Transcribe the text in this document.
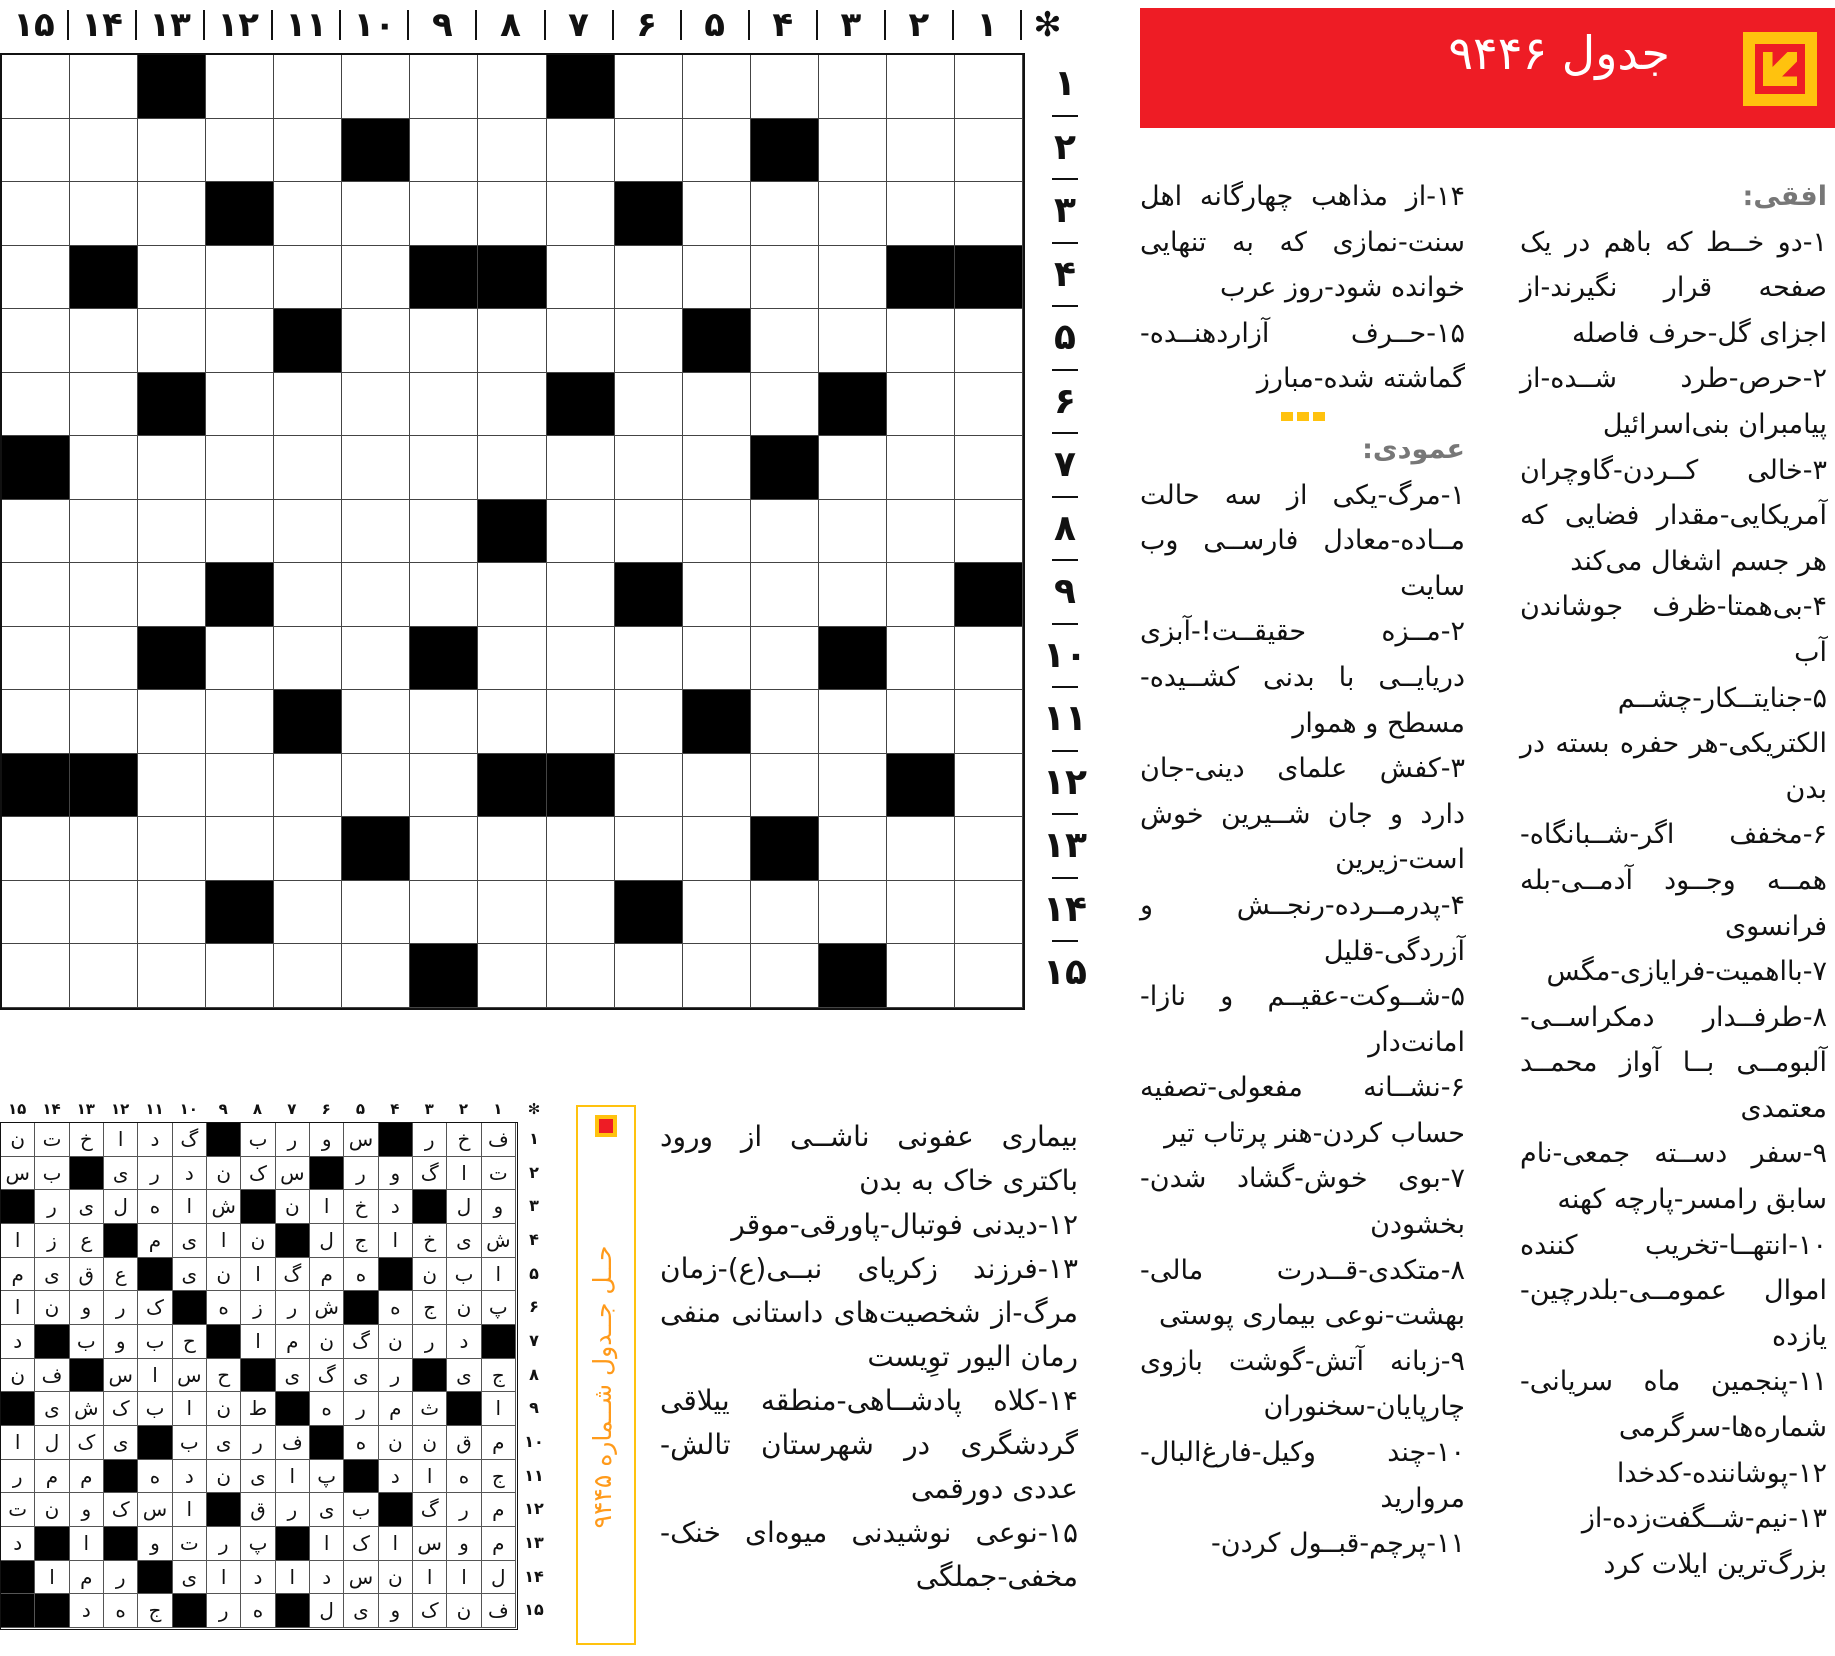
✻
۱
۲
۳
۴
۵
۶
۷
۸
۹
۱۰
۱۱
۱۲
۱۳
۱۴
۱۵
۱
۲
۳
۴
۵
۶
۷
۸
۹
۱۰
۱۱
۱۲
۱۳
۱۴
۱۵
جدول ۹۴۴۶

افقی:

۱-دو خــط که باهم در یک صفحه قرار نگیرند-از اجزای گل-حرف فاصله

۲-حرص-طرد شــده-از پیامبران بنی‌اسرائیل

۳-خالی کــردن-گاوچران آمریکایی-مقدار فضایی که هر جسم اشغال می‌کند

۴-بی‌همتا-ظرف جوشاندن آب

۵-جنایتــکار-چشــم الکتریکی-هر حفره بسته در بدن

۶-مخفف اگر-شــبانگاه-همــه وجــود آدمــی-بله فرانسوی

۷-بااهمیت-فرایازی-مگس

۸-طرفــدار دمکراســی-آلبومــی بــا آواز محمــد معتمدی

۹-سفر دســته جمعی-نام سابق رامسر-پارچه کهنه

۱۰-انتهــا-تخریب کننده اموال عمومــی-بلدرچین-یازده

۱۱-پنجمین ماه سریانی-شماره‌ها-سرگرمی

۱۲-پوشاننده-کدخدا

۱۳-نیم-شــگفت‌زده-از بزرگ‌ترین ایلات کرد

۱۴-از مذاهب چهارگانه اهل سنت-نمازی که به تنهایی خوانده شود-روز عرب

۱۵-حــرف آزاردهنــده-گماشته شده-مبارز

عمودی:

۱-مرگ-یکی از سه حالت مــاده-معادل فارســی وب سایت

۲-مــزه حقیقــت!-آبزی دریایــی با بدنی کشــیده-مسطح و هموار

۳-کفش علمای دینی-جان دارد و جان شــیرین خوش است-زیرین

۴-پدرمــرده-رنجــش و آزردگی-قلیل

۵-شــوکت-عقیــم و نازا-امانت‌دار

۶-نشــانه مفعولی-تصفیه حساب کردن-هنر پرتاب تیر

۷-بوی خوش-گشاد شدن-بخشودن

۸-متکدی-قــدرت مالی-بهشت-نوعی بیماری پوستی

۹-زبانه آتش-گوشت بازوی چارپایان-سخنوران

۱۰-چند وکیل-فارغ‌البال-مروارید

۱۱-پرچم-قبــول کردن-

بیماری عفونی ناشــی از ورود باکتری خاک به بدن

۱۲-دیدنی فوتبال-پاورقی-موقر

۱۳-فرزند زکریای نبــی(ع)-زمان مرگ-از شخصیت‌های داستانی منفی رمان الیور توِیست

۱۴-کلاه پادشــاهی-منطقه ییلاقی گردشگری در شهرستان تالش-عددی دورقمی

۱۵-نوعی نوشیدنی میوه‌ای خنک-مخفی-جملگی

✻
۱
۲
۳
۴
۵
۶
۷
۸
۹
۱۰
۱۱
۱۲
۱۳
۱۴
۱۵
ف
خ
ر
س
و
ر
ب
گ
د
ا
خ
ت
ن
ت
ا
گ
و
ر
س
ک
ن
د
ر
ی
ب
س
و
ل
د
خ
ا
ن
ش
ا
ه
ل
ی
ر
ش
ی
خ
ا
ج
ل
ن
ا
ی
م
ع
ز
ا
ا
ب
ن
ه
م
گ
ا
ن
ی
ع
ق
ی
م
پ
ن
ج
ه
ش
ر
ز
ه
ک
ر
و
ن
ا
د
ر
ن
گ
ن
م
ا
ح
ب
و
ب
د
ج
ی
ر
ی
گ
ی
ح
س
ا
س
ف
ن
ا
ث
م
ر
ه
ط
ن
ا
ب
ک
ش
ی
م
ق
ن
ن
ه
ف
ر
ی
ب
ی
ک
ل
ا
ج
ه
ا
د
پ
ا
ی
ن
د
ه
م
م
ر
م
ر
گ
ب
ی
ر
ق
ا
س
ک
و
ن
ت
م
و
س
ا
ک
ا
پ
ر
ت
و
ا
د
ل
ا
ا
ن
س
د
ا
د
ا
ی
ر
م
ا
ف
ن
ک
و
ی
ل
ه
ر
ج
ه
د
۱
۲
۳
۴
۵
۶
۷
۸
۹
۱۰
۱۱
۱۲
۱۳
۱۴
۱۵
حــل جــدول شــماره ۹۴۴۵
